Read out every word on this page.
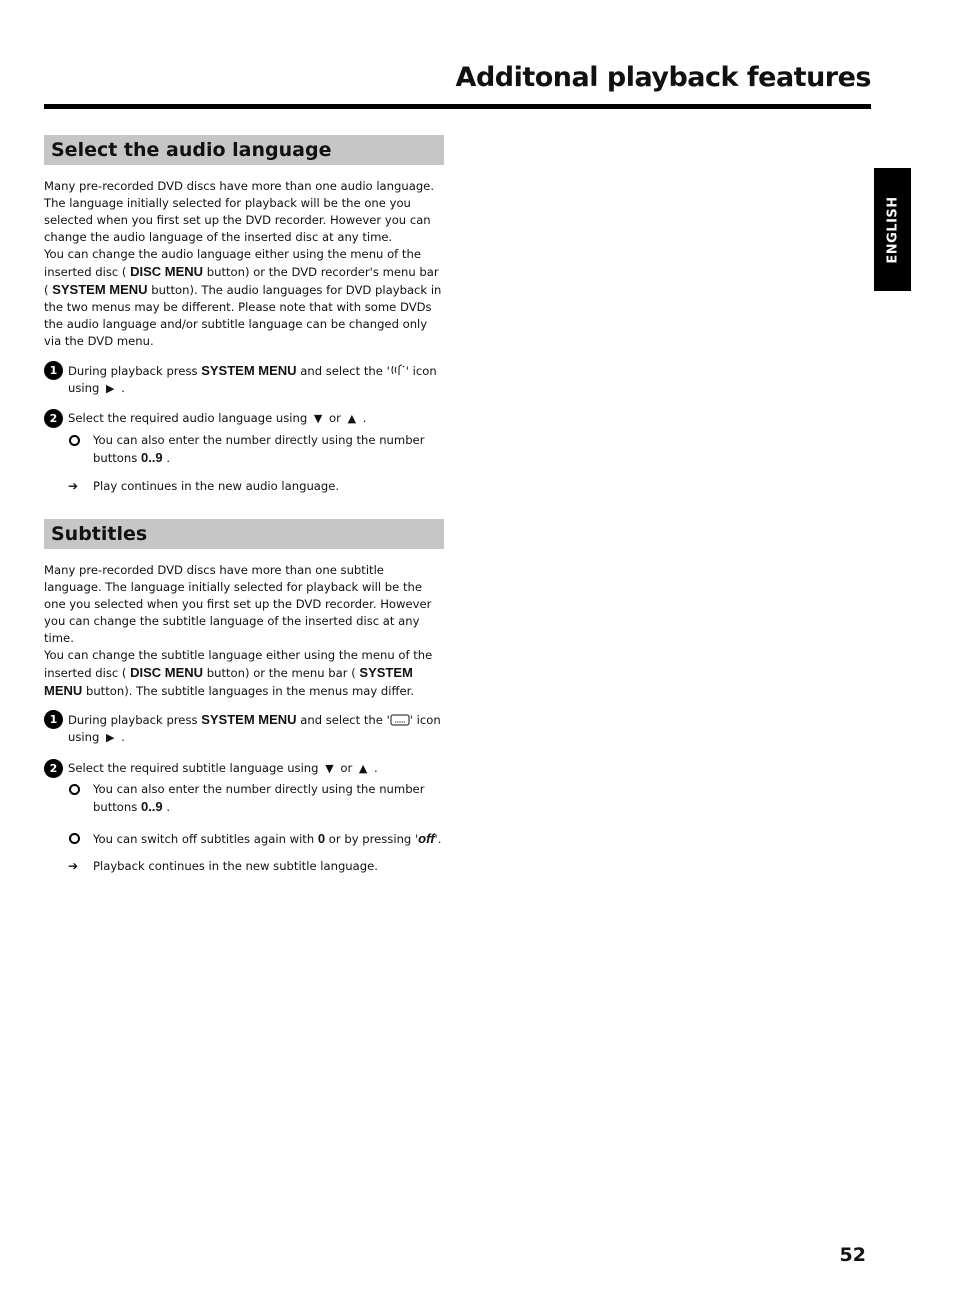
Additonal playback features
ENGLISH
Select the audio language

Many pre-recorded DVD discs have more than one audio language. The language initially selected for playback will be the one you selected when you first set up the DVD recorder. However you can change the audio language of the inserted disc at any time.

You can change the audio language either using the menu of the inserted disc ( DISC MENU button) or the DVD recorder's menu bar ( SYSTEM MENU button). The audio languages for DVD playback in the two menus may be different. Please note that with some DVDs the audio language and/or subtitle language can be changed only via the DVD menu.

1 During playback press SYSTEM MENU and select the ' ' icon using ▶ .
2 Select the required audio language using ▼ or ▲ .
You can also enter the number directly using the number buttons 0..9 .
➔ Play continues in the new audio language.
Subtitles

Many pre-recorded DVD discs have more than one subtitle language. The language initially selected for playback will be the one you selected when you first set up the DVD recorder. However you can change the subtitle language of the inserted disc at any time.

You can change the subtitle language either using the menu of the inserted disc ( DISC MENU button) or the menu bar ( SYSTEM MENU button). The subtitle languages in the menus may differ.

1 During playback press SYSTEM MENU and select the ' ' icon using ▶ .
2 Select the required subtitle language using ▼ or ▲ .
You can also enter the number directly using the number buttons 0..9 .
You can switch off subtitles again with 0 or by pressing 'off'.
➔ Playback continues in the new subtitle language.

52
